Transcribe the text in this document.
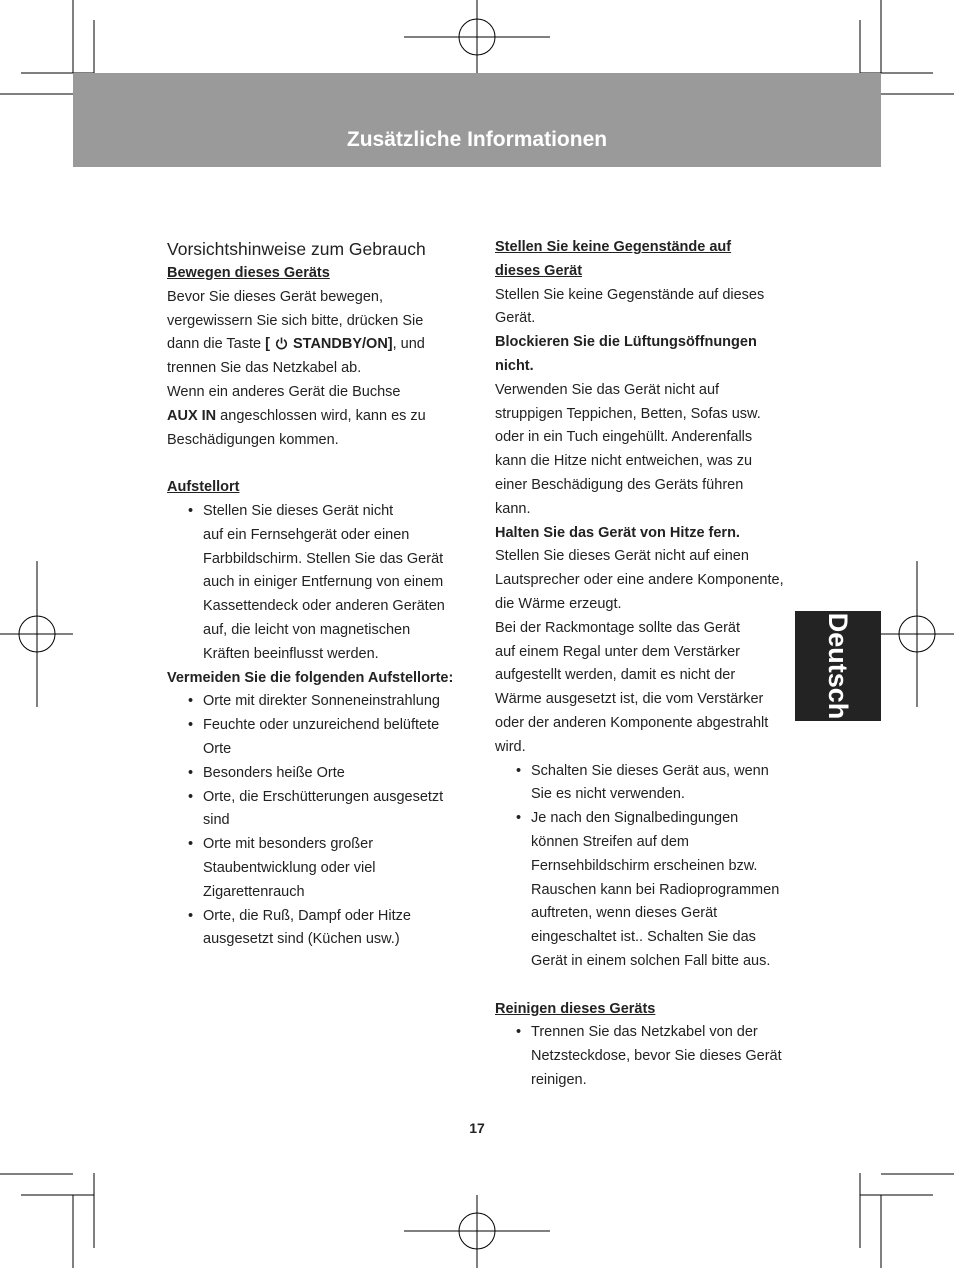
Zusätzliche Informationen
Vorsichtshinweise zum Gebrauch

Bewegen dieses Geräts

Bevor Sie dieses Gerät bewegen,

vergewissern Sie sich bitte, drücken Sie

dann die Taste [ STANDBY/ON], und

trennen Sie das Netzkabel ab.

Wenn ein anderes Gerät die Buchse

AUX IN angeschlossen wird, kann es zu

Beschädigungen kommen.

Aufstellort

• Stellen Sie dieses Gerät nicht
auf ein Fernsehgerät oder einen
Farbbildschirm. Stellen Sie das Gerät
auch in einiger Entfernung von einem
Kassettendeck oder anderen Geräten
auf, die leicht von magnetischen
Kräften beeinflusst werden.

Vermeiden Sie die folgenden Aufstellorte:

• Orte mit direkter Sonneneinstrahlung
• Feuchte oder unzureichend belüftete
Orte
• Besonders heiße Orte
• Orte, die Erschütterungen ausgesetzt
sind
• Orte mit besonders großer
Staubentwicklung oder viel
Zigarettenrauch
• Orte, die Ruß, Dampf oder Hitze
ausgesetzt sind (Küchen usw.)

Stellen Sie keine Gegenstände auf

dieses Gerät

Stellen Sie keine Gegenstände auf dieses

Gerät.

Blockieren Sie die Lüftungsöffnungen

nicht.

Verwenden Sie das Gerät nicht auf

struppigen Teppichen, Betten, Sofas usw.

oder in ein Tuch eingehüllt. Anderenfalls

kann die Hitze nicht entweichen, was zu

einer Beschädigung des Geräts führen

kann.

Halten Sie das Gerät von Hitze fern.

Stellen Sie dieses Gerät nicht auf einen

Lautsprecher oder eine andere Komponente,

die Wärme erzeugt.

Bei der Rackmontage sollte das Gerät

auf einem Regal unter dem Verstärker

aufgestellt werden, damit es nicht der

Wärme ausgesetzt ist, die vom Verstärker

oder der anderen Komponente abgestrahlt

wird.

• Schalten Sie dieses Gerät aus, wenn
Sie es nicht verwenden.
• Je nach den Signalbedingungen
können Streifen auf dem
Fernsehbildschirm erscheinen bzw.
Rauschen kann bei Radioprogrammen
auftreten, wenn dieses Gerät
eingeschaltet ist.. Schalten Sie das
Gerät in einem solchen Fall bitte aus.

Reinigen dieses Geräts

• Trennen Sie das Netzkabel von der
Netzsteckdose, bevor Sie dieses Gerät
reinigen.
Deutsch
17
